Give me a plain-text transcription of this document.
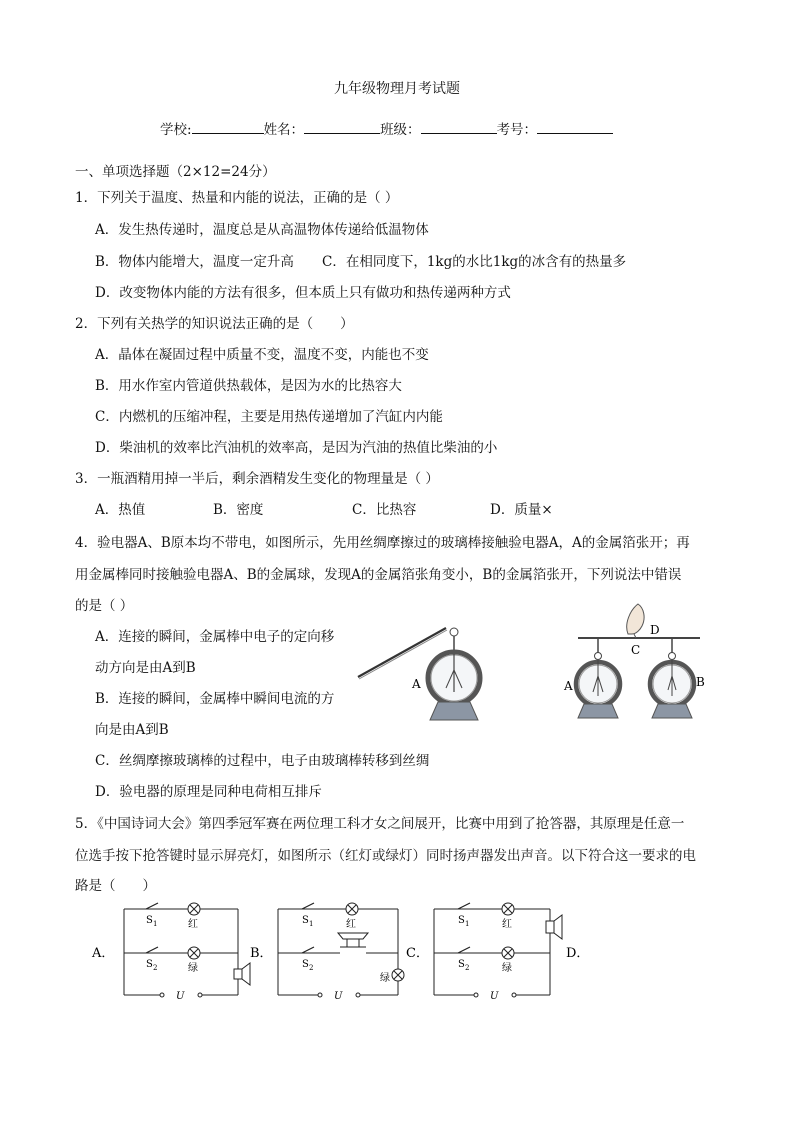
九年级物理月考试题
学校:	姓名：	班级：	考号：
一、单项选择题（2×12=24分）
1．下列关于温度、热量和内能的说法，正确的是（ ）
A．发生热传递时，温度总是从高温物体传递给低温物体
B．物体内能增大，温度一定升高 C．在相同度下，1kg的水比1kg的冰含有的热量多
D．改变物体内能的方法有很多，但本质上只有做功和热传递两种方式
2．下列有关热学的知识说法正确的是（　　）
A．晶体在凝固过程中质量不变，温度不变，内能也不变
B．用水作室内管道供热载体，是因为水的比热容大
C．内燃机的压缩冲程，主要是用热传递增加了汽缸内内能
D．柴油机的效率比汽油机的效率高，是因为汽油的热值比柴油的小
3．一瓶酒精用掉一半后，剩余酒精发生变化的物理量是（ ）
A．热值	B．密度	C．比热容	D．质量×
4．验电器A、B原本均不带电，如图所示，先用丝绸摩擦过的玻璃棒接触验电器A，A的金属箔张开；再
用金属棒同时接触验电器A、B的金属球，发现A的金属箔张角变小，B的金属箔张开，下列说法中错误
的是（ ）
A．连接的瞬间，金属棒中电子的定向移
动方向是由A到B
B．连接的瞬间，金属棒中瞬间电流的方
向是由A到B
C．丝绸摩擦玻璃棒的过程中，电子由玻璃棒转移到丝绸
D．验电器的原理是同种电荷相互排斥
A
D
C
A	B
5．《中国诗词大会》第四季冠军赛在两位理工科才女之间展开，比赛中用到了抢答器，其原理是任意一
位选手按下抢答键时显示屏亮灯，如图所示（红灯或绿灯）同时扬声器发出声音。以下符合这一要求的电
路是（　　）
S 1
S 2
红
绿
U
A．
S 1
S 2
红
绿
U
B．
S 1
S 2
红
绿
U
C．	D．
